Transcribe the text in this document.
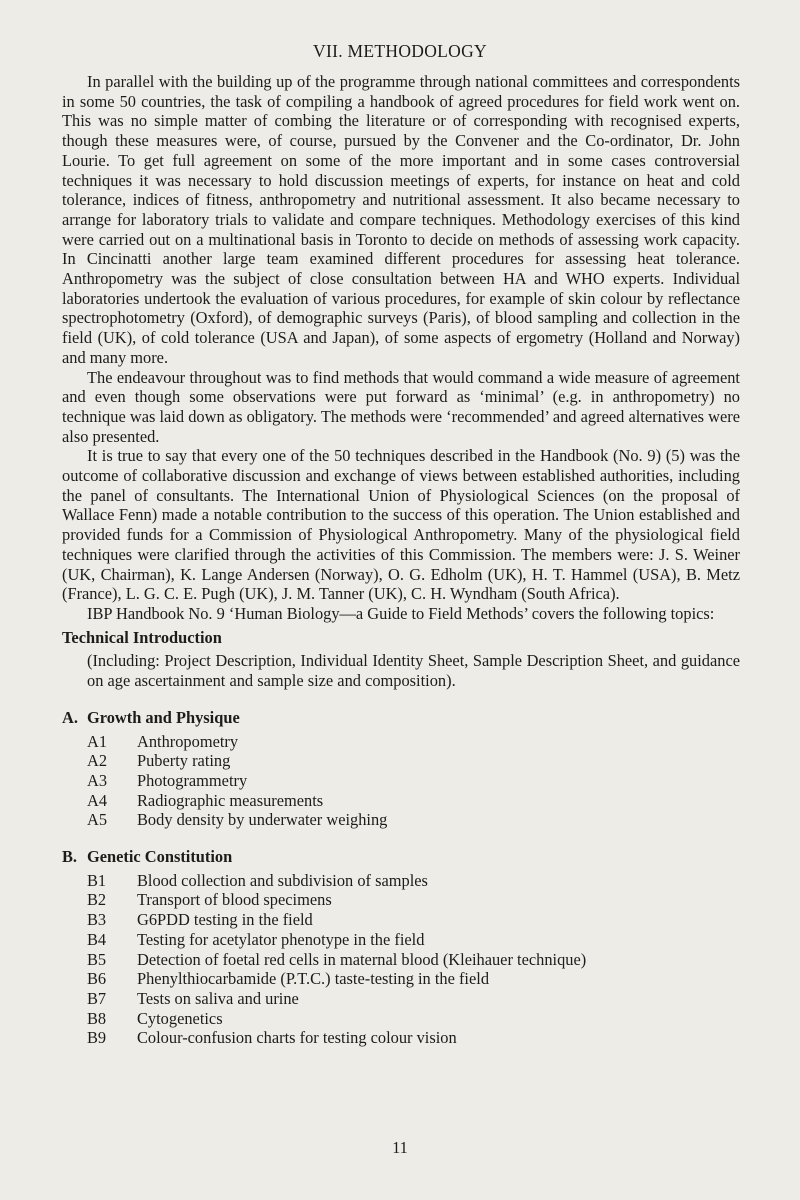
VII. METHODOLOGY

In parallel with the building up of the programme through national committees and correspondents in some 50 countries, the task of compiling a handbook of agreed procedures for field work went on. This was no simple matter of combing the literature or of corresponding with recognised experts, though these measures were, of course, pursued by the Convener and the Co-ordinator, Dr. John Lourie. To get full agreement on some of the more important and in some cases controversial techniques it was necessary to hold discussion meetings of experts, for instance on heat and cold tolerance, indices of fitness, anthropometry and nutritional assessment. It also became necessary to arrange for laboratory trials to validate and compare techniques. Methodology exercises of this kind were carried out on a multinational basis in Toronto to decide on methods of assessing work capacity. In Cincinatti another large team examined different procedures for assessing heat tolerance. Anthropometry was the subject of close consultation between HA and WHO experts. Individual laboratories undertook the evaluation of various procedures, for example of skin colour by reflectance spectrophotometry (Oxford), of demographic surveys (Paris), of blood sampling and collection in the field (UK), of cold tolerance (USA and Japan), of some aspects of ergometry (Holland and Norway) and many more.

The endeavour throughout was to find methods that would command a wide measure of agreement and even though some observations were put forward as ‘minimal’ (e.g. in anthropometry) no technique was laid down as obligatory. The methods were ‘recommended’ and agreed alternatives were also presented.

It is true to say that every one of the 50 techniques described in the Handbook (No. 9) (5) was the outcome of collaborative discussion and exchange of views between established authorities, including the panel of consultants. The International Union of Physiological Sciences (on the proposal of Wallace Fenn) made a notable contribution to the success of this operation. The Union established and provided funds for a Commission of Physiological Anthropometry. Many of the physiological field techniques were clarified through the activities of this Commission. The members were: J. S. Weiner (UK, Chairman), K. Lange Andersen (Norway), O. G. Edholm (UK), H. T. Hammel (USA), B. Metz (France), L. G. C. E. Pugh (UK), J. M. Tanner (UK), C. H. Wyndham (South Africa).

IBP Handbook No. 9 ‘Human Biology—a Guide to Field Methods’ covers the following topics:

Technical Introduction

(Including: Project Description, Individual Identity Sheet, Sample Description Sheet, and guidance on age ascertainment and sample size and composition).

A. Growth and Physique
A1	Anthropometry
A2	Puberty rating
A3	Photogrammetry
A4	Radiographic measurements
A5	Body density by underwater weighing
B. Genetic Constitution
B1	Blood collection and subdivision of samples
B2	Transport of blood specimens
B3	G6PDD testing in the field
B4	Testing for acetylator phenotype in the field
B5	Detection of foetal red cells in maternal blood (Kleihauer technique)
B6	Phenylthiocarbamide (P.T.C.) taste-testing in the field
B7	Tests on saliva and urine
B8	Cytogenetics
B9	Colour-confusion charts for testing colour vision
11
